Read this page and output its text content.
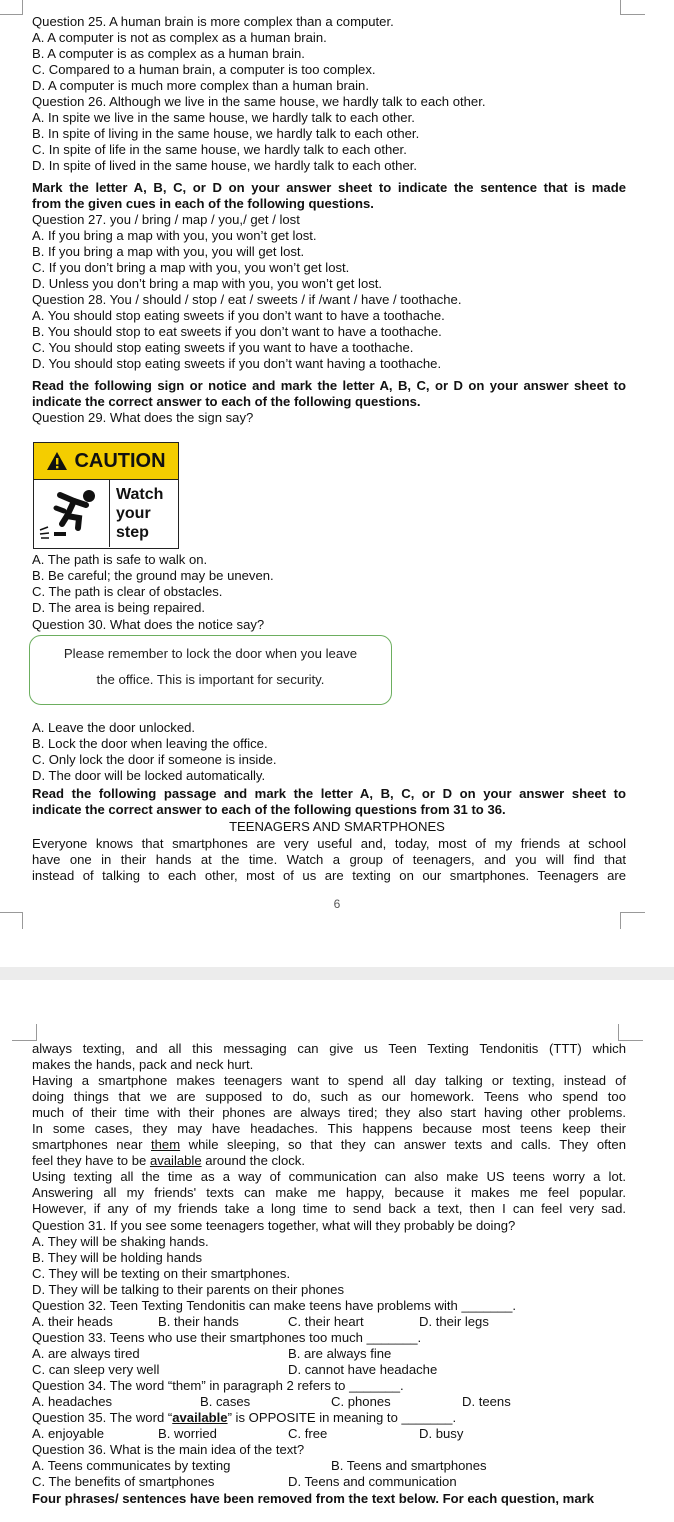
Question 25. A human brain is more complex than a computer.
A. A computer is not as complex as a human brain.
B. A computer is as complex as a human brain.
C. Compared to a human brain, a computer is too complex.
D. A computer is much more complex than a human brain.
Question 26. Although we live in the same house, we hardly talk to each other.
A. In spite we live in the same house, we hardly talk to each other.
B. In spite of living in the same house, we hardly talk to each other.
C. In spite of life in the same house, we hardly talk to each other.
D. In spite of lived in the same house, we hardly talk to each other.
Mark the letter A, B, C, or D on your answer sheet to indicate the sentence that is made
from the given cues in each of the following questions.
Question 27. you / bring / map / you,/ get / lost
A. If you bring a map with you, you won’t get lost.
B. If you bring a map with you, you will get lost.
C. If you don’t bring a map with you, you won’t get lost.
D. Unless you don’t bring a map with you, you won’t get lost.
Question 28. You / should / stop / eat / sweets / if /want / have / toothache.
A. You should stop eating sweets if you don’t want to have a toothache.
B. You should stop to eat sweets if you don’t want to have a toothache.
C. You should stop eating sweets if you want to have a toothache.
D. You should stop eating sweets if you don’t want having a toothache.
Read the following sign or notice and mark the letter A, B, C, or D on your answer sheet to
indicate the correct answer to each of the following questions.
Question 29. What does the sign say?
CAUTION
Watch
your
step
A. The path is safe to walk on.
B. Be careful; the ground may be uneven.
C. The path is clear of obstacles.
D. The area is being repaired.
Question 30. What does the notice say?
Please remember to lock the door when you leave
the office. This is important for security.
A. Leave the door unlocked.
B. Lock the door when leaving the office.
C. Only lock the door if someone is inside.
D. The door will be locked automatically.
Read the following passage and mark the letter A, B, C, or D on your answer sheet to
indicate the correct answer to each of the following questions from 31 to 36.
TEENAGERS AND SMARTPHONES
Everyone knows that smartphones are very useful and, today, most of my friends at school
have one in their hands at the time. Watch a group of teenagers, and you will find that
instead of talking to each other, most of us are texting on our smartphones. Teenagers are
6
always texting, and all this messaging can give us Teen Texting Tendonitis (TTT) which
makes the hands, pack and neck hurt.
Having a smartphone makes teenagers want to spend all day talking or texting, instead of
doing things that we are supposed to do, such as our homework. Teens who spend too
much of their time with their phones are always tired; they also start having other problems.
In some cases, they may have headaches. This happens because most teens keep their
smartphones near them while sleeping, so that they can answer texts and calls. They often
feel they have to be available around the clock.
Using texting all the time as a way of communication can also make US teens worry a lot.
Answering all my friends' texts can make me happy, because it makes me feel popular.
However, if any of my friends take a long time to send back a text, then I can feel very sad.
Question 31. If you see some teenagers together, what will they probably be doing?
A. They will be shaking hands.
B. They will be holding hands
C. They will be texting on their smartphones.
D. They will be talking to their parents on their phones
Question 32. Teen Texting Tendonitis can make teens have problems with _______.
A. their heads	B. their hands	C. their heart	D. their legs
Question 33. Teens who use their smartphones too much _______.
A. are always tired	B. are always fine
C. can sleep very well	D. cannot have headache
Question 34. The word “them” in paragraph 2 refers to _______.
A. headaches	B. cases	C. phones	D. teens
Question 35. The word “available” is OPPOSITE in meaning to _______.
A. enjoyable	B. worried	C. free	D. busy
Question 36. What is the main idea of the text?
A. Teens communicates by texting	B. Teens and smartphones
C. The benefits of smartphones	D. Teens and communication
Four phrases/ sentences have been removed from the text below. For each question, mark
